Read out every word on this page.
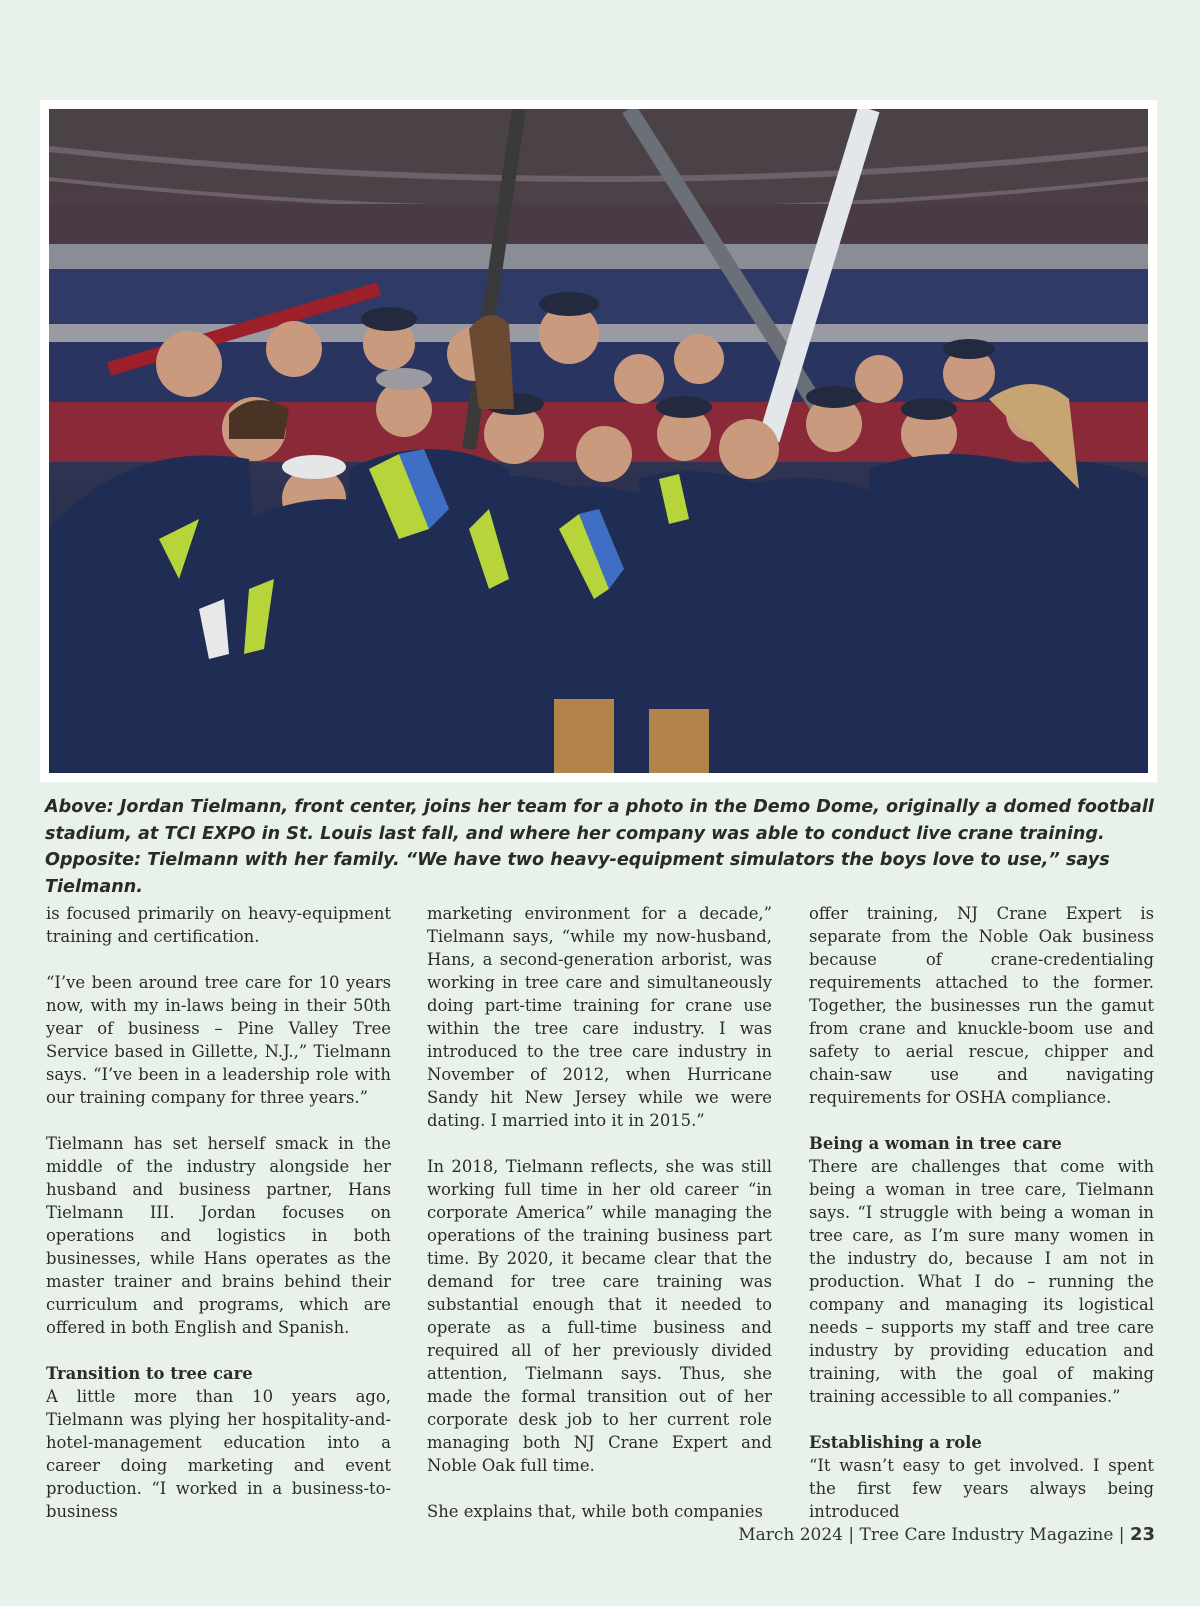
Above: Jordan Tielmann, front center, joins her team for a photo in the Demo Dome, originally a domed football

stadium, at TCI EXPO in St. Louis last fall, and where her company was able to conduct live crane training.

Opposite: Tielmann with her family. “We have two heavy-equipment simulators the boys love to use,” says Tielmann.

is focused primarily on heavy-equipment training and certification.

“I’ve been around tree care for 10 years now, with my in-laws being in their 50th year of business – Pine Valley Tree Service based in Gillette, N.J.,” Tielmann says. “I’ve been in a leadership role with our training company for three years.”

Tielmann has set herself smack in the middle of the industry alongside her husband and business partner, Hans Tielmann III. Jordan focuses on operations and logistics in both businesses, while Hans operates as the master trainer and brains behind their curriculum and programs, which are offered in both English and Spanish.

Transition to tree care

A little more than 10 years ago, Tielmann was plying her hospitality-and-hotel-management education into a career doing marketing and event production. “I worked in a business-to-business

marketing environment for a decade,” Tielmann says, “while my now-husband, Hans, a second-generation arborist, was working in tree care and simultaneously doing part-time training for crane use within the tree care industry. I was introduced to the tree care industry in November of 2012, when Hurricane Sandy hit New Jersey while we were dating. I married into it in 2015.”

In 2018, Tielmann reflects, she was still working full time in her old career “in corporate America” while managing the operations of the training business part time. By 2020, it became clear that the demand for tree care training was substantial enough that it needed to operate as a full-time business and required all of her previously divided attention, Tielmann says. Thus, she made the formal transition out of her corporate desk job to her current role managing both NJ Crane Expert and Noble Oak full time.

She explains that, while both companies

offer training, NJ Crane Expert is separate from the Noble Oak business because of crane-credentialing requirements attached to the former. Together, the businesses run the gamut from crane and knuckle-boom use and safety to aerial rescue, chipper and chain-saw use and navigating requirements for OSHA compliance.

Being a woman in tree care

There are challenges that come with being a woman in tree care, Tielmann says. “I struggle with being a woman in tree care, as I’m sure many women in the industry do, because I am not in production. What I do – running the company and managing its logistical needs – supports my staff and tree care industry by providing education and training, with the goal of making training accessible to all companies.”

Establishing a role

“It wasn’t easy to get involved. I spent the first few years always being introduced

March 2024 | Tree Care Industry Magazine | 23
